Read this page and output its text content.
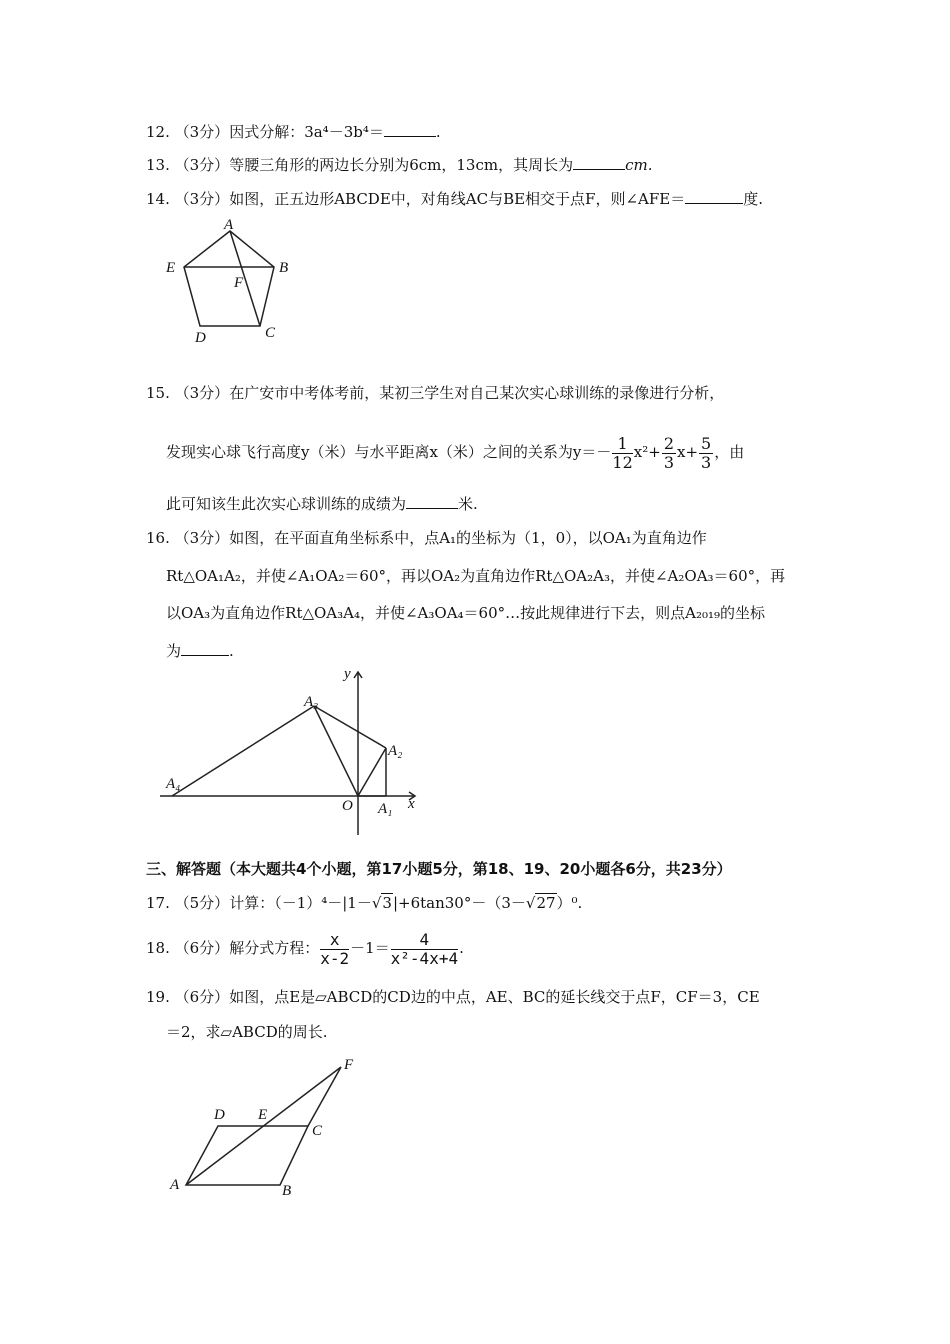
12. （3分）因式分解：3a⁴－3b⁴＝	.
13. （3分）等腰三角形的两边长分别为6cm，13cm，其周长为	cm.
14. （3分）如图，正五边形ABCDE中，对角线AC与BE相交于点F，则∠AFE＝	度.
A
B
C
D
E
F
15. （3分）在广安市中考体考前，某初三学生对自己某次实心球训练的录像进行分析，
发现实心球飞行高度y（米）与水平距离x（米）之间的关系为$y=- \frac{1}{12} x^2+ \frac{2}{3} x+ \frac{5}{3}$ ，由
此可知该生此次实心球训练的成绩为	米.
16. （3分）如图，在平面直角坐标系中，点A₁的坐标为（1，0），以OA₁为直角边作
Rt△OA₁A₂，并使∠A₁OA₂＝60°，再以OA₂为直角边作Rt△OA₂A₃，并使∠A₂OA₃＝60°，再
以OA₃为直角边作Rt△OA₃A₄，并使∠A₃OA₄＝60°…按此规律进行下去，则点A₂₀₁₉的坐标
为	.
y
x
O A₁
A₂
A₃
A₄
三、解答题（本大题共4个小题，第17小题5分，第18、19、20小题各6分，共23分）
17. （5分）计算：（－1）⁴－|1－√3|+6tan30°－（3－√27）⁰.
18. （6分）解分式方程： $\frac{x}{x-2} -1= \frac{4}{\text{x²-4x+4}}$ .
19. （6分）如图，点E是▱ABCD的CD边的中点，AE、BC的延长线交于点F，CF＝3，CE
＝2，求▱ABCD的周长.
A	B
C
D E
F
